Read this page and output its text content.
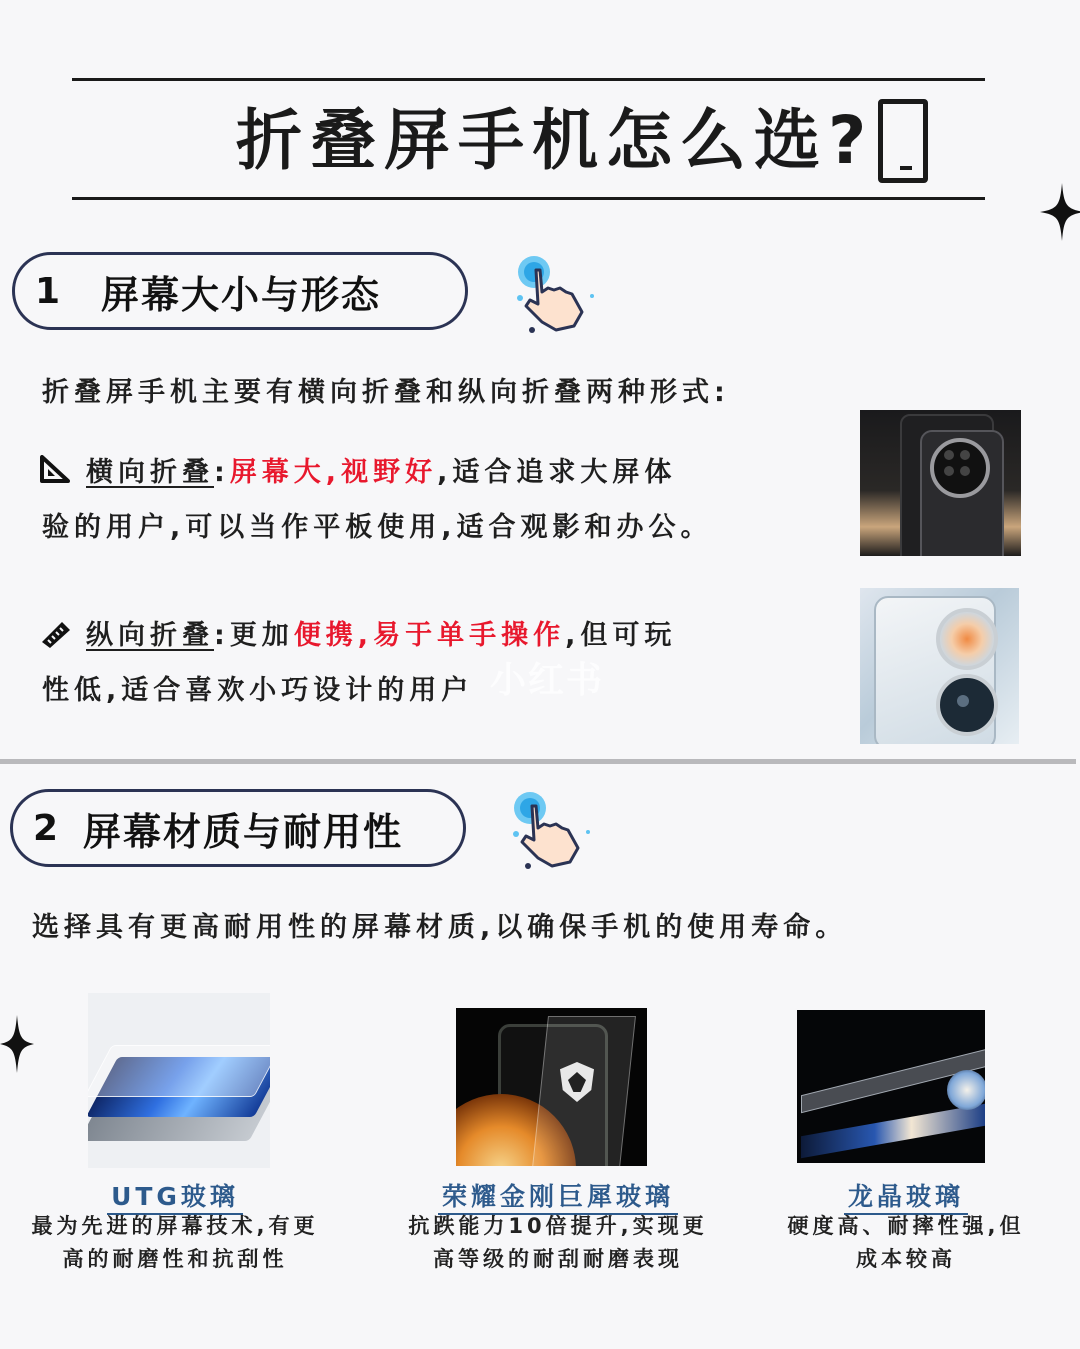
折叠屏手机怎么选?
1	屏幕大小与形态
折叠屏手机主要有横向折叠和纵向折叠两种形式:
横向折叠:屏幕大,视野好,适合追求大屏体
验的用户,可以当作平板使用,适合观影和办公。
纵向折叠:更加便携,易于单手操作,但可玩
性低,适合喜欢小巧设计的用户 小红书
2 屏幕材质与耐用性
选择具有更高耐用性的屏幕材质,以确保手机的使用寿命。
UTG玻璃
最为先进的屏幕技术,有更
高的耐磨性和抗刮性
荣耀金刚巨犀玻璃
抗跌能力10倍提升,实现更
高等级的耐刮耐磨表现
龙晶玻璃
硬度高、耐摔性强,但
成本较高
